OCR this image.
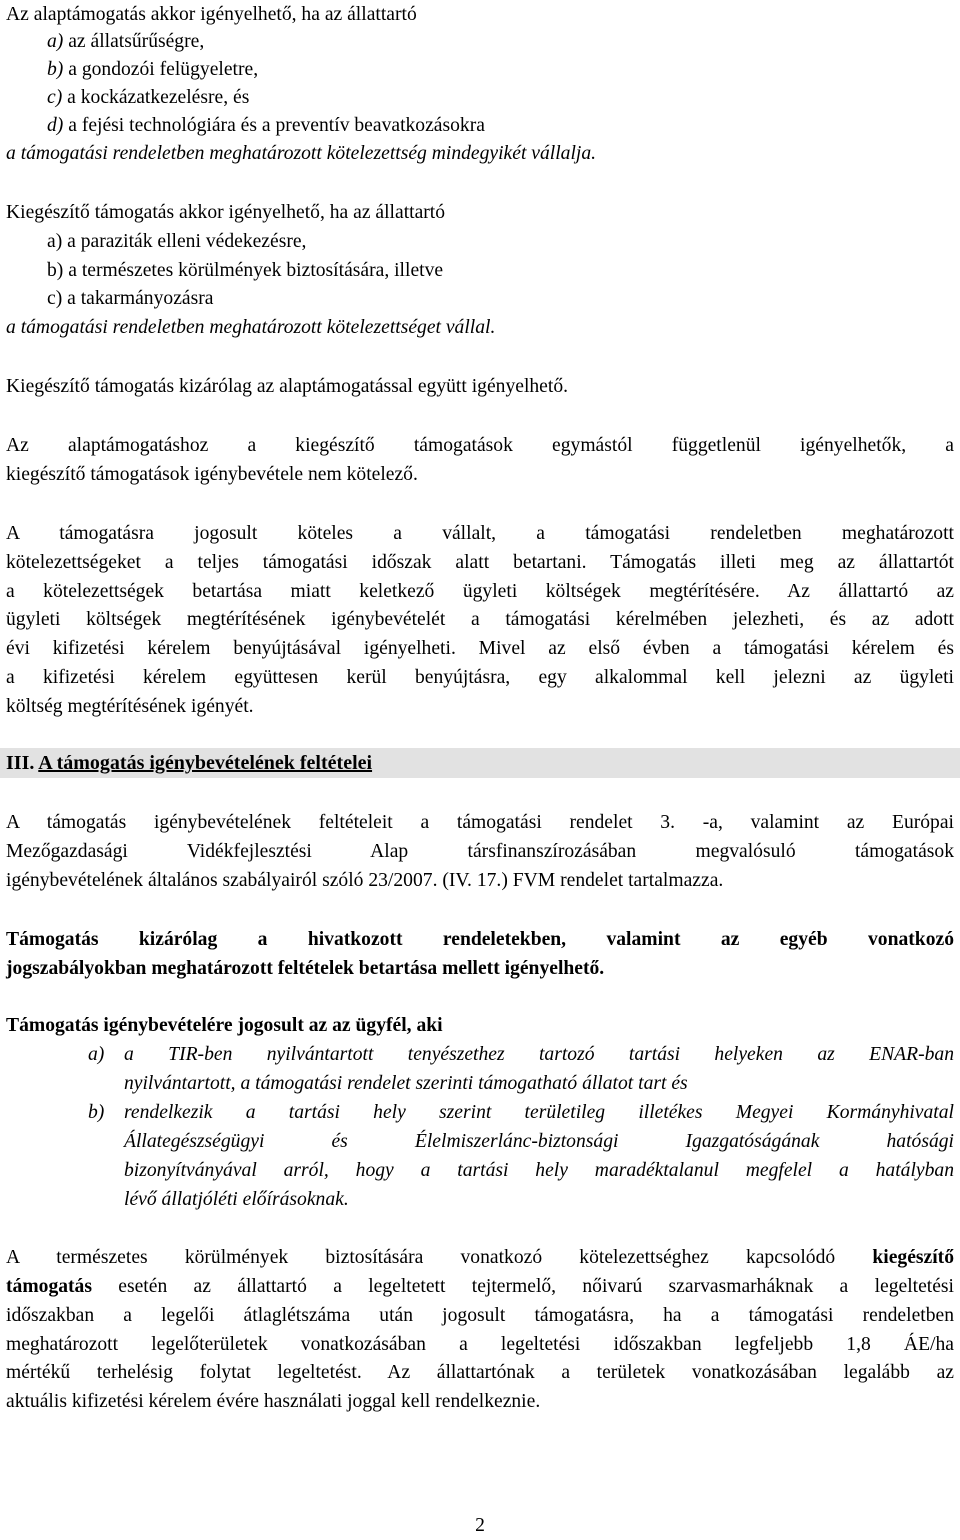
Az alaptámogatás akkor igényelhető, ha az állattartó
a) az állatsűrűségre,
b) a gondozói felügyeletre,
c) a kockázatkezelésre, és
d) a fejési technológiára és a preventív beavatkozásokra
a támogatási rendeletben meghatározott kötelezettség mindegyikét vállalja.
Kiegészítő támogatás akkor igényelhető, ha az állattartó
a) a paraziták elleni védekezésre,
b) a természetes körülmények biztosítására, illetve
c) a takarmányozásra
a támogatási rendeletben meghatározott kötelezettséget vállal.
Kiegészítő támogatás kizárólag az alaptámogatással együtt igényelhető.
Az alaptámogatáshoz a kiegészítő támogatások egymástól függetlenül igényelhetők, a
kiegészítő támogatások igénybevétele nem kötelező.
A támogatásra jogosult köteles a vállalt, a támogatási rendeletben meghatározott
kötelezettségeket a teljes támogatási időszak alatt betartani. Támogatás illeti meg az állattartót
a kötelezettségek betartása miatt keletkező ügyleti költségek megtérítésére. Az állattartó az
ügyleti költségek megtérítésének igénybevételét a támogatási kérelmében jelezheti, és az adott
évi kifizetési kérelem benyújtásával igényelheti. Mivel az első évben a támogatási kérelem és
a kifizetési kérelem együttesen kerül benyújtásra, egy alkalommal kell jelezni az ügyleti
költség megtérítésének igényét.
III. A támogatás igénybevételének feltételei
A támogatás igénybevételének feltételeit a támogatási rendelet 3. -a, valamint az Európai
Mezőgazdasági Vidékfejlesztési Alap társfinanszírozásában megvalósuló támogatások
igénybevételének általános szabályairól szóló 23/2007. (IV. 17.) FVM rendelet tartalmazza.
Támogatás kizárólag a hivatkozott rendeletekben, valamint az egyéb vonatkozó
jogszabályokban meghatározott feltételek betartása mellett igényelhető.
Támogatás igénybevételére jogosult az az ügyfél, aki
a) a TIR-ben nyilvántartott tenyészethez tartozó tartási helyeken az ENAR-ban
nyilvántartott, a támogatási rendelet szerinti támogatható állatot tart és
b) rendelkezik a tartási hely szerint területileg illetékes Megyei Kormányhivatal
Állategészségügyi és Élelmiszerlánc-biztonsági Igazgatóságának hatósági
bizonyítványával arról, hogy a tartási hely maradéktalanul megfelel a hatályban
lévő állatjóléti előírásoknak.
A természetes körülmények biztosítására vonatkozó kötelezettséghez kapcsolódó kiegészítő
támogatás esetén az állattartó a legeltetett tejtermelő, nőivarú szarvasmarháknak a legeltetési
időszakban a legelői átlaglétszáma után jogosult támogatásra, ha a támogatási rendeletben
meghatározott legelőterületek vonatkozásában a legeltetési időszakban legfeljebb 1,8 ÁE/ha
mértékű terhelésig folytat legeltetést. Az állattartónak a területek vonatkozásában legalább az
aktuális kifizetési kérelem évére használati joggal kell rendelkeznie.
2
